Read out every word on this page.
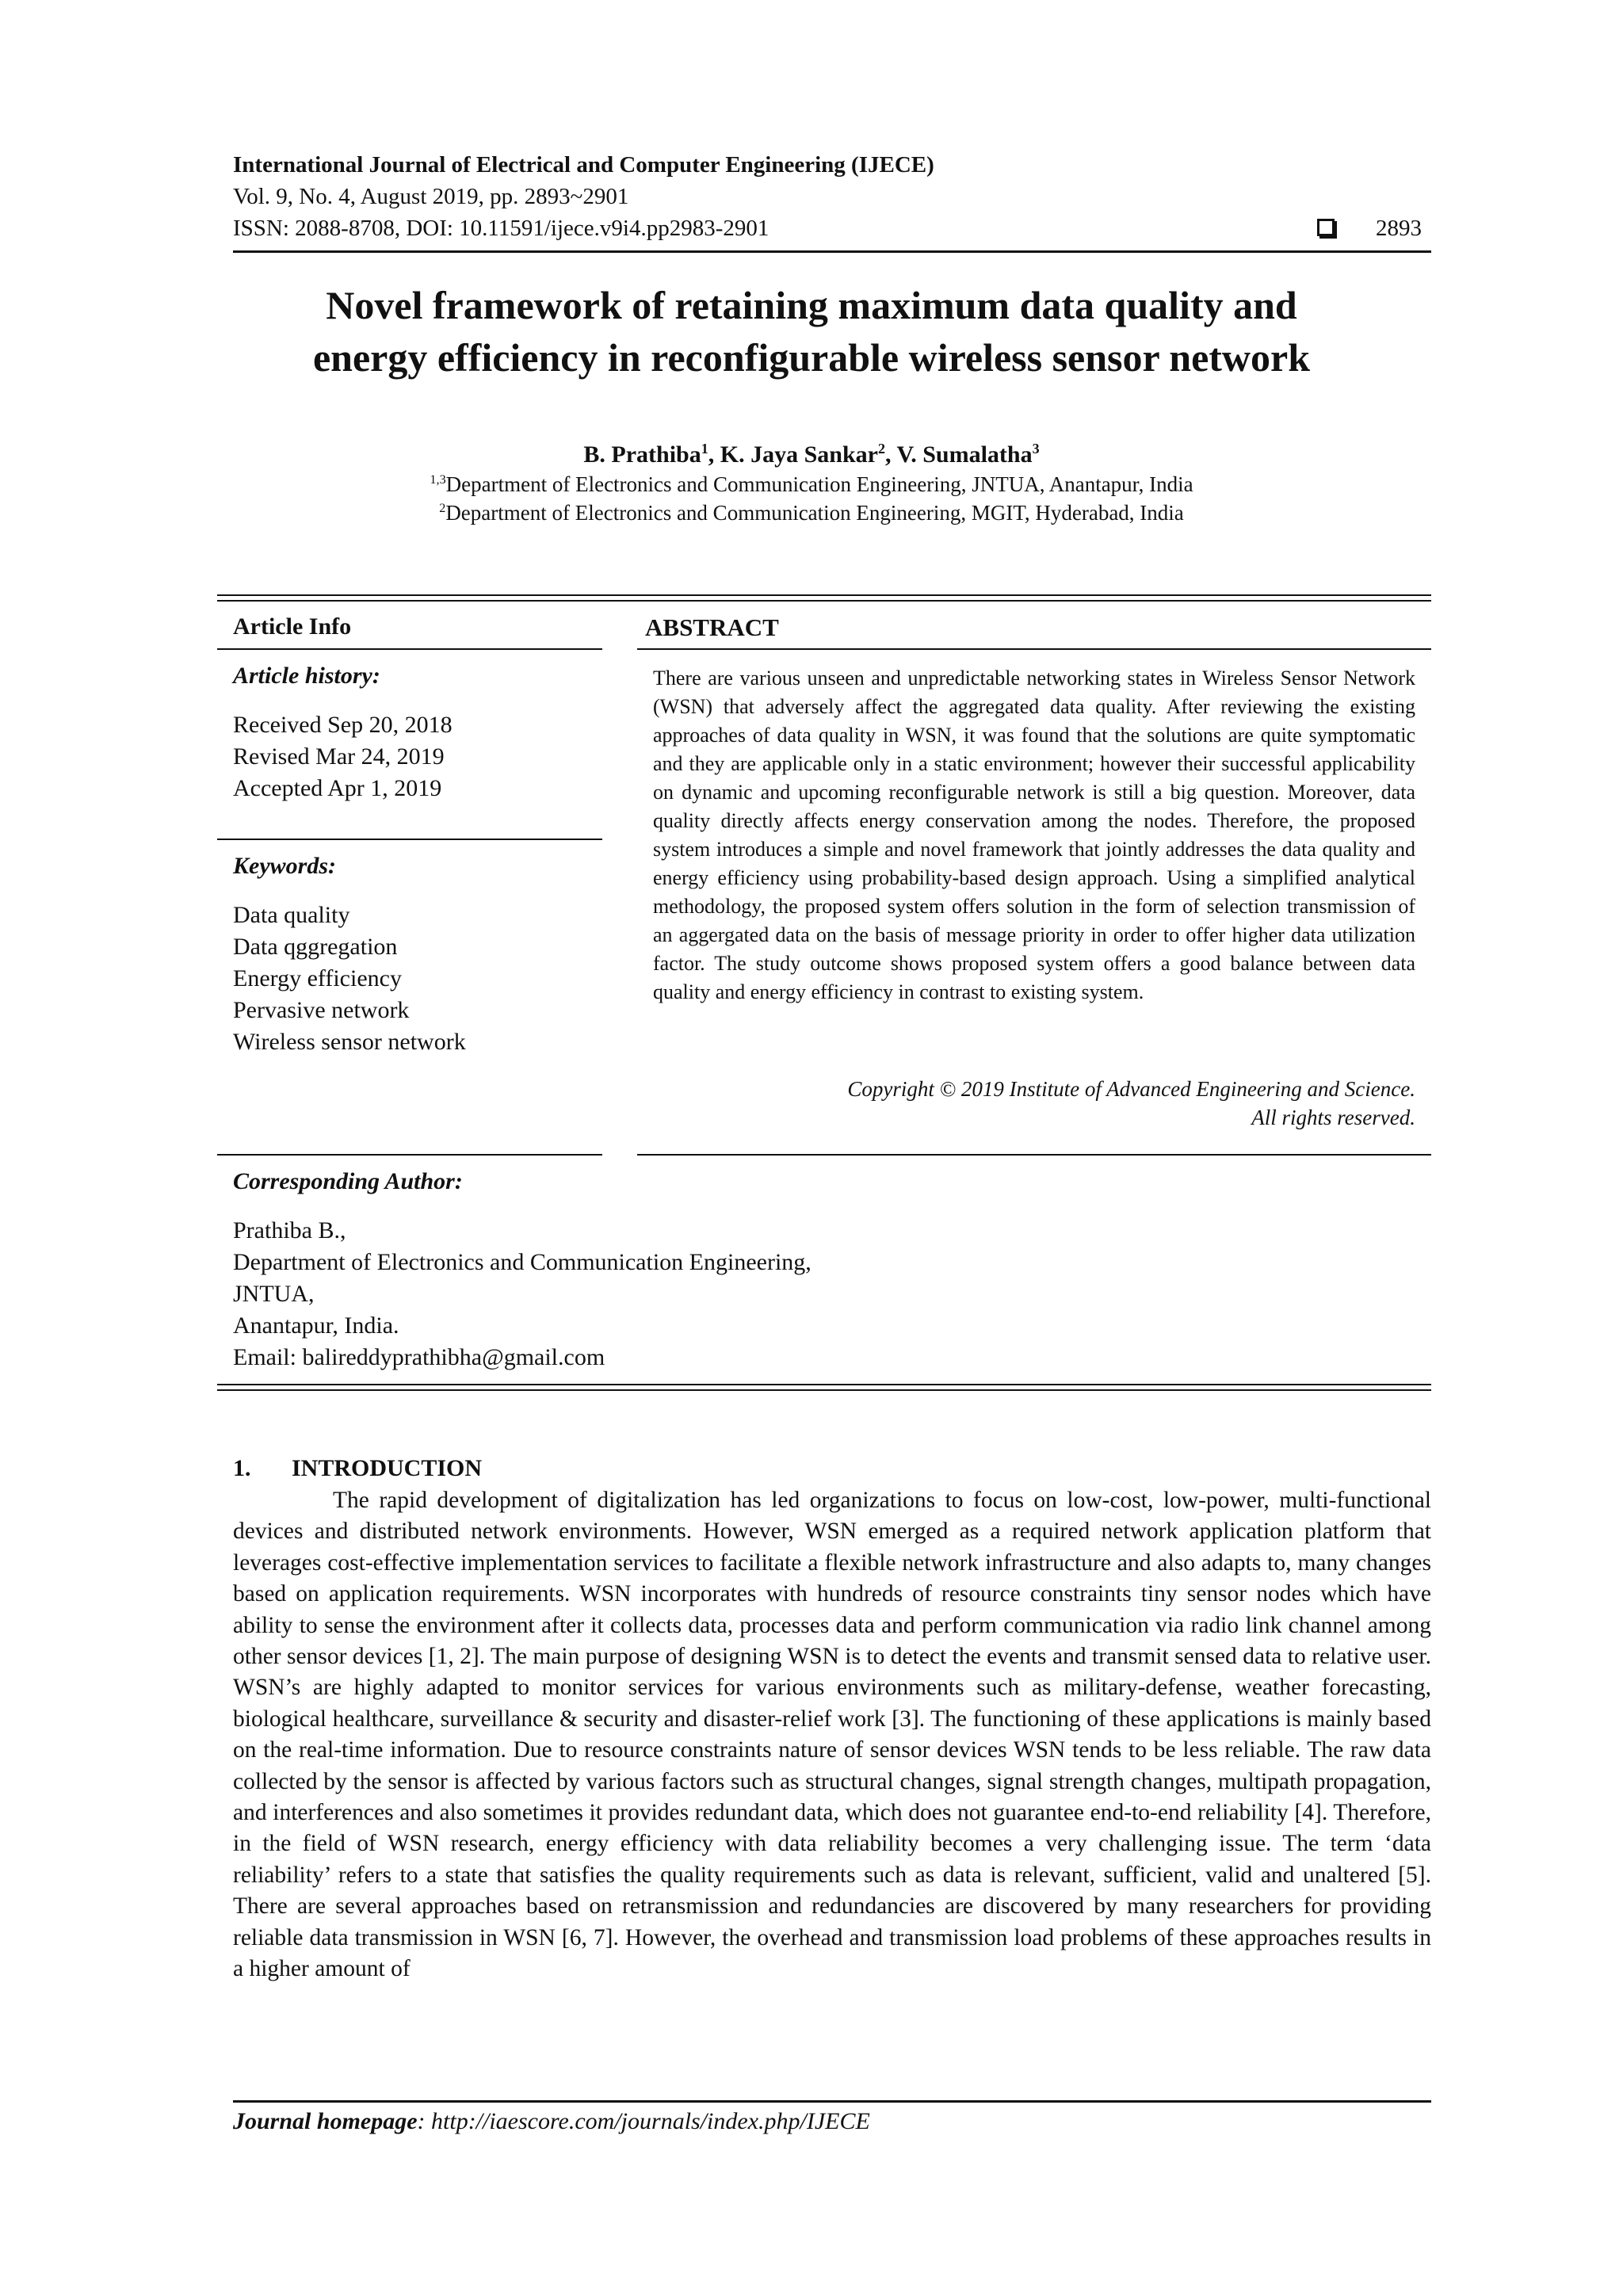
International Journal of Electrical and Computer Engineering (IJECE)
Vol. 9, No. 4, August 2019, pp. 2893~2901
ISSN: 2088-8708, DOI: 10.11591/ijece.v9i4.pp2983-2901	2893
Novel framework of retaining maximum data quality and
energy efficiency in reconfigurable wireless sensor network
B. Prathiba$^1$, K. Jaya Sankar$^2$, V. Sumalatha$^3$
$^{1,3}$Department of Electronics and Communication Engineering, JNTUA, Anantapur, India
$^2$Department of Electronics and Communication Engineering, MGIT, Hyderabad, India
Article Info
Article history:
Received Sep 20, 2018
Revised Mar 24, 2019
Accepted Apr 1, 2019
Keywords:
Data quality
Data qggregation
Energy efficiency
Pervasive network
Wireless sensor network
ABSTRACT
There are various unseen and unpredictable networking states in Wireless Sensor Network (WSN) that adversely affect the aggregated data quality. After reviewing the existing approaches of data quality in WSN, it was found that the solutions are quite symptomatic and they are applicable only in a static environment; however their successful applicability on dynamic and upcoming reconfigurable network is still a big question. Moreover, data quality directly affects energy conservation among the nodes. Therefore, the proposed system introduces a simple and novel framework that jointly addresses the data quality and energy efficiency using probability-based design approach. Using a simplified analytical methodology, the proposed system offers solution in the form of selection transmission of an aggergated data on the basis of message priority in order to offer higher data utilization factor. The study outcome shows proposed system offers a good balance between data quality and energy efficiency in contrast to existing system.
Copyright © 2019 Institute of Advanced Engineering and Science.
All rights reserved.
Corresponding Author:
Prathiba B.,
Department of Electronics and Communication Engineering,
JNTUA,
Anantapur, India.
Email: balireddyprathibha@gmail.com
1. INTRODUCTION
The rapid development of digitalization has led organizations to focus on low-cost, low-power, multi-functional devices and distributed network environments. However, WSN emerged as a required network application platform that leverages cost-effective implementation services to facilitate a flexible network infrastructure and also adapts to, many changes based on application requirements. WSN incorporates with hundreds of resource constraints tiny sensor nodes which have ability to sense the environment after it collects data, processes data and perform communication via radio link channel among other sensor devices [1, 2]. The main purpose of designing WSN is to detect the events and transmit sensed data to relative user. WSN’s are highly adapted to monitor services for various environments such as military-defense, weather forecasting, biological healthcare, surveillance & security and disaster-relief work [3]. The functioning of these applications is mainly based on the real-time information. Due to resource constraints nature of sensor devices WSN tends to be less reliable. The raw data collected by the sensor is affected by various factors such as structural changes, signal strength changes, multipath propagation, and interferences and also sometimes it provides redundant data, which does not guarantee end-to-end reliability [4]. Therefore, in the field of WSN research, energy efficiency with data reliability becomes a very challenging issue. The term ‘data reliability’ refers to a state that satisfies the quality requirements such as data is relevant, sufficient, valid and unaltered [5]. There are several approaches based on retransmission and redundancies are discovered by many researchers for providing reliable data transmission in WSN [6, 7]. However, the overhead and transmission load problems of these approaches results in a higher amount of
Journal homepage: http://iaescore.com/journals/index.php/IJECE
